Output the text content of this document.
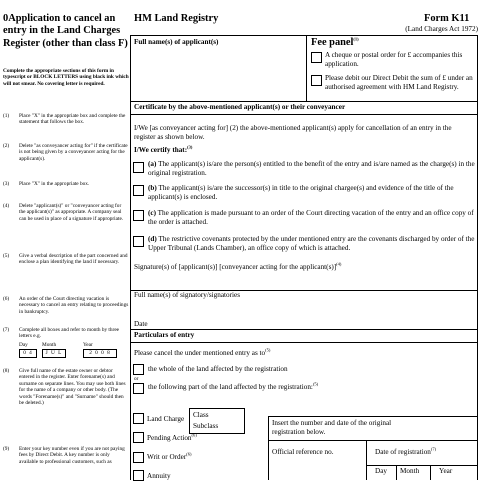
0Application to cancel an entry in the Land Charges Register (other than class F)
Complete the appropriate sections of this form in typescript or BLOCK LETTERS using black ink which will not smear. No covering letter is required.
(1)	Place "X" in the appropriate box and complete the statement that follows the box.
(2)	Delete "as conveyancer acting for" if the certificate is not being given by a conveyancer acting for the applicant(s).
(3)	Place "X" in the appropriate box.
(4)	Delete "applicant(s)" or "conveyancer acting for the applicant(s)" as appropriate. A company seal can be used in place of a signature if appropriate.
(5)	Give a verbal description of the part concerned and enclose a plan identifying the land if necessary.
(6)	An order of the Court directing vacation is necessary to cancel an entry relating to proceedings in bankruptcy.
(7)	Complete all boxes and refer to month by three letters e.g.
Day	Month	Year
0 4	J U L	2 0 0 8
(8)	Give full name of the estate owner or debtor entered in the register. Enter forename(s) and surname on separate lines. You may use both lines for the name of a company or other body. (The words "Forename(s)" and "Surname" should then be deleted.)
(9)	Enter your key number even if you are not paying fees by Direct Debit. A key number is only available to professional customers, such as
HM Land Registry	Form K11
(Land Charges Act 1972)
Full name(s) of applicant(s)	Fee panel$^{(1)}$
A cheque or postal order for £ accompanies this application.
Please debit our Direct Debit the sum of £ under an authorised agreement with HM Land Registry.
Certificate by the above-mentioned applicant(s) or their conveyancer
I/We [as conveyancer acting for] (2) the above-mentioned applicant(s) apply for cancellation of an entry in the register as shown below.
I/We certify that:$^{(3)}$
(a) The applicant(s) is/are the person(s) entitled to the benefit of the entry and is/are named as the charge(s) in the original registration.
(b) The applicant(s) is/are the successor(s) in title to the original chargee(s) and evidence of the title of the applicant(s) is enclosed.
(c) The application is made pursuant to an order of the Court directing vacation of the entry and an office copy of the order is attached.
(d) The restrictive covenants protected by the under mentioned entry are the covenants discharged by order of the Upper Tribunal (Lands Chamber), an office copy of which is attached.
Signature(s) of [applicant(s)] [conveyancer acting for the applicant(s)]$^{(4)}$
Full name(s) of signatory/signatories
Date
Particulars of entry
Please cancel the under mentioned entry as $to^{(5)}$
the whole of the land affected by the registration
or
the following part of the land affected by the registration:$^{(5)}$
Land Charge Class
Subclass
Pending Action$^{(6)}$
Writ or Order$^{(6)}$
Annuity
Insert the number and date of the original registration below.
Official reference no.	Date of registration$^{(7)}$
Day Month	Year
